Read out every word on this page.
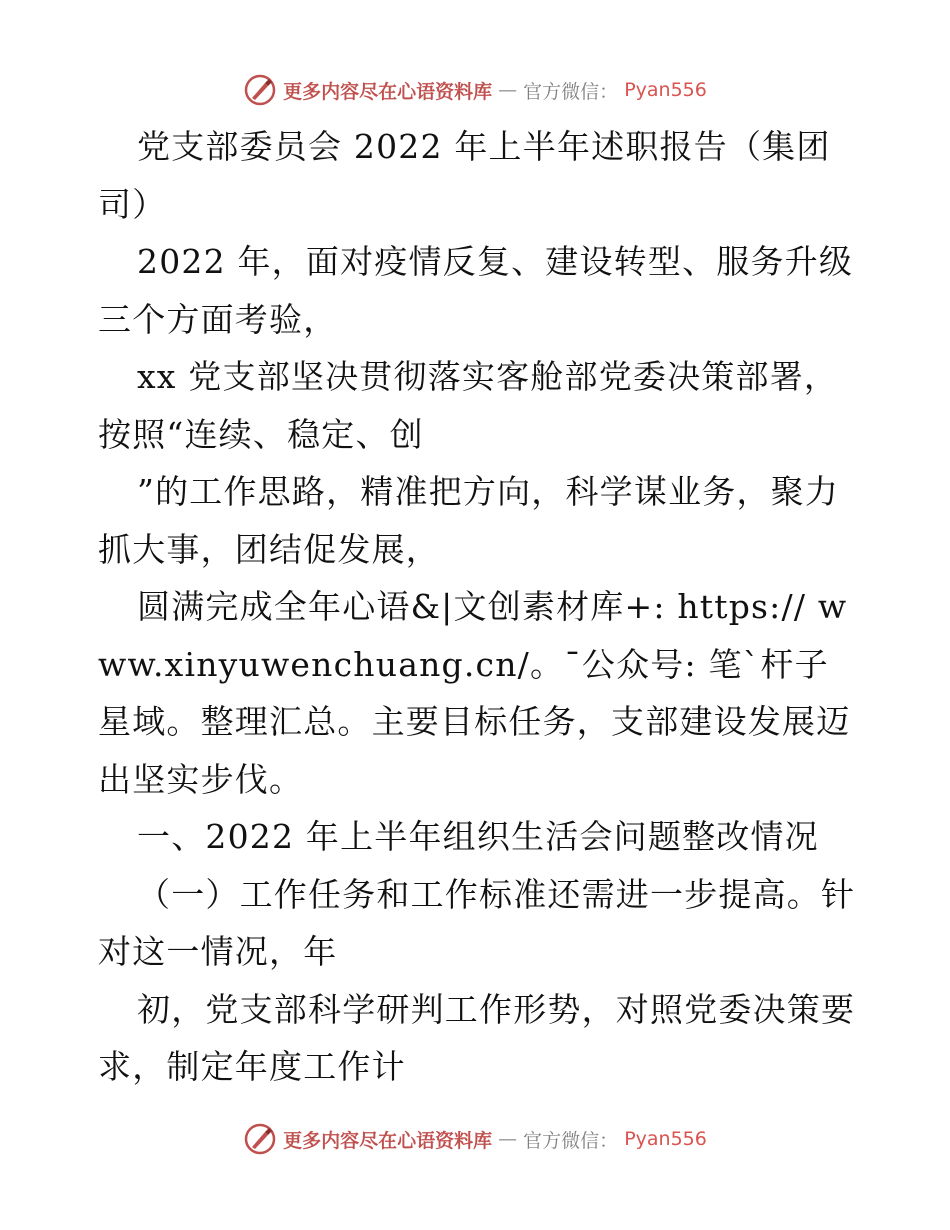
更多内容尽在心语资料库 — 官方微信： Pyan556

党支部委员会 2022 年上半年述职报告（集团司）

2022 年，面对疫情反复、建设转型、服务升级三个方面考验，

xx 党支部坚决贯彻落实客舱部党委决策部署，按照“连续、稳定、创

”的工作思路，精准把方向，科学谋业务，聚力抓大事，团结促发展，

圆满完成全年心语&|文创素材库+: https:// www.xinyuwenchuang.cn/。¯公众号: 笔`杆子星域。整理汇总。主要目标任务，支部建设发展迈出坚实步伐。

一、2022 年上半年组织生活会问题整改情况

（一）工作任务和工作标准还需进一步提高。针对这一情况，年

初，党支部科学研判工作形势，对照党委决策要求，制定年度工作计

更多内容尽在心语资料库 — 官方微信： Pyan556
